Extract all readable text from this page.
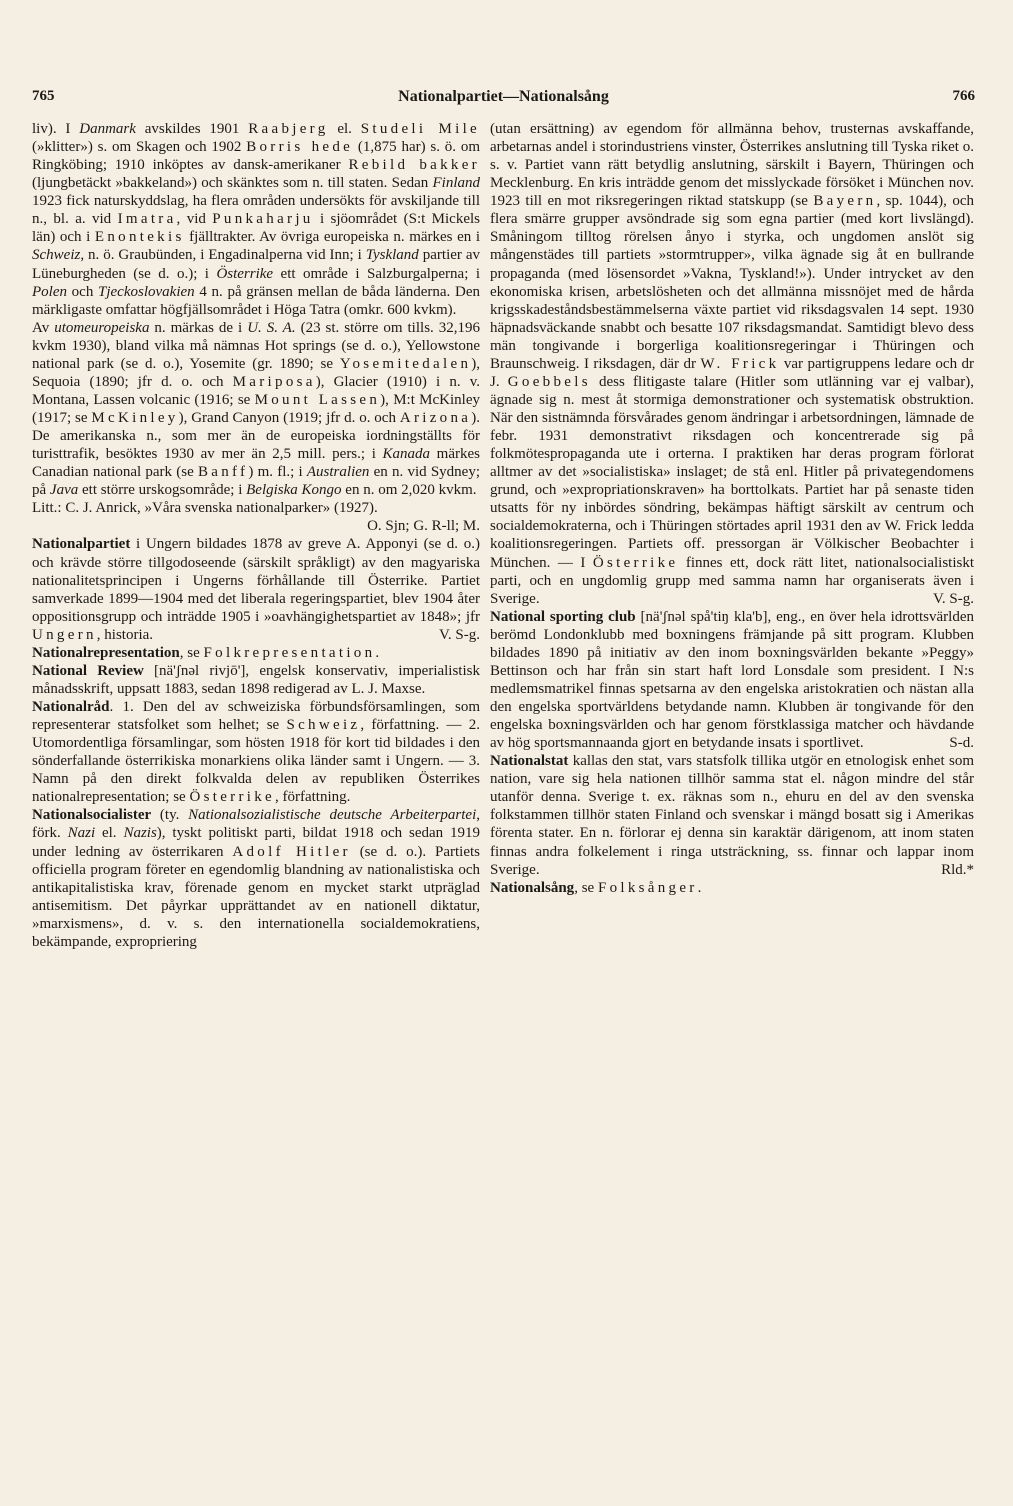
765	Nationalpartiet—Nationalsång	766

liv). I Danmark avskildes 1901 Raabjerg el. Studeli Mile (»klitter») s. om Skagen och 1902 Borris hede (1,875 har) s. ö. om Ringköbing; 1910 inköptes av dansk-amerikaner Rebild bakker (ljungbetäckt »bakkeland») och skänktes som n. till staten. Sedan Finland 1923 fick naturskyddslag, ha flera områden undersökts för avskiljande till n., bl. a. vid Imatra, vid Punkaharju i sjöområdet (S:t Mickels län) och i Enontekis fjälltrakter. Av övriga europeiska n. märkes en i Schweiz, n. ö. Graubünden, i Engadinalperna vid Inn; i Tyskland partier av Lüneburgheden (se d. o.); i Österrike ett område i Salzburgalperna; i Polen och Tjeckoslovakien 4 n. på gränsen mellan de båda länderna. Den märkligaste omfattar högfjällsområdet i Höga Tatra (omkr. 600 kvkm).

Av utomeuropeiska n. märkas de i U. S. A. (23 st. större om tills. 32,196 kvkm 1930), bland vilka må nämnas Hot springs (se d. o.), Yellowstone national park (se d. o.), Yosemite (gr. 1890; se Yosemitedalen), Sequoia (1890; jfr d. o. och Mariposa), Glacier (1910) i n. v. Montana, Lassen volcanic (1916; se Mount Lassen), M:t McKinley (1917; se McKinley), Grand Canyon (1919; jfr d. o. och Arizona). De amerikanska n., som mer än de europeiska iordningställts för turisttrafik, besöktes 1930 av mer än 2,5 mill. pers.; i Kanada märkes Canadian national park (se Banff) m. fl.; i Australien en n. vid Sydney; på Java ett större urskogsområde; i Belgiska Kongo en n. om 2,020 kvkm.

Litt.: C. J. Anrick, »Våra svenska nationalparker» (1927).
O. Sjn; G. R-ll; M.

Nationalpartiet i Ungern bildades 1878 av greve A. Apponyi (se d. o.) och krävde större tillgodoseende (särskilt språkligt) av den magyariska nationalitetsprincipen i Ungerns förhållande till Österrike. Partiet samverkade 1899—1904 med det liberala regeringspartiet, blev 1904 åter oppositionsgrupp och inträdde 1905 i »oavhängighetspartiet av 1848»; jfr Ungern, historia.	V. S-g.

Nationalrepresentation, se Folkrepresentation.

National Review [nä'ʃnəl rivjō'], engelsk konservativ, imperialistisk månadsskrift, uppsatt 1883, sedan 1898 redigerad av L. J. Maxse.

Nationalråd. 1. Den del av schweiziska förbundsförsamlingen, som representerar statsfolket som helhet; se Schweiz, författning. — 2. Utomordentliga församlingar, som hösten 1918 för kort tid bildades i den sönderfallande österrikiska monarkiens olika länder samt i Ungern. — 3. Namn på den direkt folkvalda delen av republiken Österrikes nationalrepresentation; se Österrike, författning.

Nationalsocialister (ty. Nationalsozialistische deutsche Arbeiterpartei, förk. Nazi el. Nazis), tyskt politiskt parti, bildat 1918 och sedan 1919 under ledning av österrikaren Adolf Hitler (se d. o.). Partiets officiella program företer en egendomlig blandning av nationalistiska och antikapitalistiska krav, förenade genom en mycket starkt utpräglad antisemitism. Det påyrkar upprättandet av en nationell diktatur, »marxismens», d. v. s. den internationella socialdemokratiens, bekämpande, expropriering

(utan ersättning) av egendom för allmänna behov, trusternas avskaffande, arbetarnas andel i storindustriens vinster, Österrikes anslutning till Tyska riket o. s. v. Partiet vann rätt betydlig anslutning, särskilt i Bayern, Thüringen och Mecklenburg. En kris inträdde genom det misslyckade försöket i München nov. 1923 till en mot riksregeringen riktad statskupp (se Bayern, sp. 1044), och flera smärre grupper avsöndrade sig som egna partier (med kort livslängd). Småningom tilltog rörelsen ånyo i styrka, och ungdomen anslöt sig mångenstädes till partiets »stormtrupper», vilka ägnade sig åt en bullrande propaganda (med lösensordet »Vakna, Tyskland!»). Under intrycket av den ekonomiska krisen, arbetslösheten och det allmänna missnöjet med de hårda krigsskadeståndsbestämmelserna växte partiet vid riksdagsvalen 14 sept. 1930 häpnadsväckande snabbt och besatte 107 riksdagsmandat. Samtidigt blevo dess män tongivande i borgerliga koalitionsregeringar i Thüringen och Braunschweig. I riksdagen, där dr W. Frick var partigruppens ledare och dr J. Goebbels dess flitigaste talare (Hitler som utlänning var ej valbar), ägnade sig n. mest åt stormiga demonstrationer och systematisk obstruktion. När den sistnämnda försvårades genom ändringar i arbetsordningen, lämnade de febr. 1931 demonstrativt riksdagen och koncentrerade sig på folkmötespropaganda ute i orterna. I praktiken har deras program förlorat alltmer av det »socialistiska» inslaget; de stå enl. Hitler på privategendomens grund, och »expropriationskraven» ha borttolkats. Partiet har på senaste tiden utsatts för ny inbördes söndring, bekämpas häftigt särskilt av centrum och socialdemokraterna, och i Thüringen störtades april 1931 den av W. Frick ledda koalitionsregeringen. Partiets off. pressorgan är Völkischer Beobachter i München. — I Österrike finnes ett, dock rätt litet, nationalsocialistiskt parti, och en ungdomlig grupp med samma namn har organiserats även i Sverige.	V. S-g.

National sporting club [nä'ʃnəl spå'tiŋ kla'b], eng., en över hela idrottsvärlden berömd Londonklubb med boxningens främjande på sitt program. Klubben bildades 1890 på initiativ av den inom boxningsvärlden bekante »Peggy» Bettinson och har från sin start haft lord Lonsdale som president. I N:s medlemsmatrikel finnas spetsarna av den engelska aristokratien och nästan alla den engelska sportvärldens betydande namn. Klubben är tongivande för den engelska boxningsvärlden och har genom förstklassiga matcher och hävdande av hög sportsmannaanda gjort en betydande insats i sportlivet.	S-d.

Nationalstat kallas den stat, vars statsfolk tillika utgör en etnologisk enhet som nation, vare sig hela nationen tillhör samma stat el. någon mindre del står utanför denna. Sverige t. ex. räknas som n., ehuru en del av den svenska folkstammen tillhör staten Finland och svenskar i mängd bosatt sig i Amerikas förenta stater. En n. förlorar ej denna sin karaktär därigenom, att inom staten finnas andra folkelement i ringa utsträckning, ss. finnar och lappar inom Sverige.	Rld.*

Nationalsång, se Folksånger.
